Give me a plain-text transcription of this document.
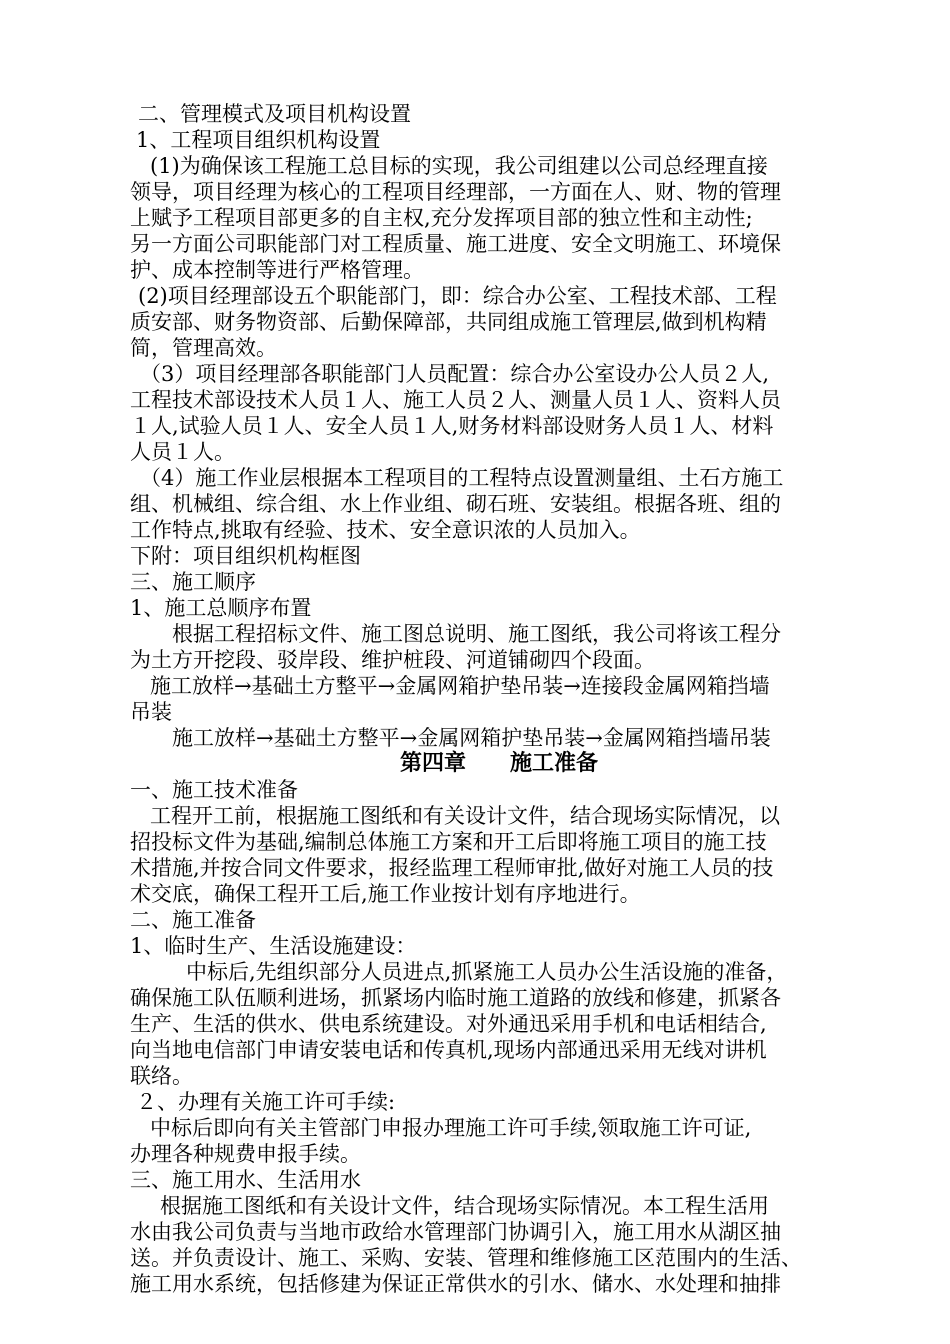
二、管理模式及项目机构设置
1、工程项目组织机构设置
(1)为确保该工程施工总目标的实现，我公司组建以公司总经理直接
领导，项目经理为核心的工程项目经理部，一方面在人、财、物的管理
上赋予工程项目部更多的自主权,充分发挥项目部的独立性和主动性;
另一方面公司职能部门对工程质量、施工进度、安全文明施工、环境保
护、成本控制等进行严格管理。
(2)项目经理部设五个职能部门，即：综合办公室、工程技术部、工程
质安部、财务物资部、后勤保障部，共同组成施工管理层,做到机构精
简，管理高效。
（3）项目经理部各职能部门人员配置：综合办公室设办公人员２人,
工程技术部设技术人员１人、施工人员２人、测量人员１人、资料人员
１人,试验人员１人、安全人员１人,财务材料部设财务人员１人、材料
人员１人。
（4）施工作业层根据本工程项目的工程特点设置测量组、土石方施工
组、机械组、综合组、水上作业组、砌石班、安装组。根据各班、组的
工作特点,挑取有经验、技术、安全意识浓的人员加入。
下附：项目组织机构框图
三、施工顺序
1、施工总顺序布置
根据工程招标文件、施工图总说明、施工图纸，我公司将该工程分
为土方开挖段、驳岸段、维护桩段、河道铺砌四个段面。
施工放样→基础土方整平→金属网箱护垫吊装→连接段金属网箱挡墙
吊装
施工放样→基础土方整平→金属网箱护垫吊装→金属网箱挡墙吊装
第四章　　施工准备
一、施工技术准备
工程开工前，根据施工图纸和有关设计文件，结合现场实际情况，以
招投标文件为基础,编制总体施工方案和开工后即将施工项目的施工技
术措施,并按合同文件要求，报经监理工程师审批,做好对施工人员的技
术交底，确保工程开工后,施工作业按计划有序地进行。
二、施工准备
1、临时生产、生活设施建设：
中标后,先组织部分人员进点,抓紧施工人员办公生活设施的准备，
确保施工队伍顺利进场，抓紧场内临时施工道路的放线和修建，抓紧各
生产、生活的供水、供电系统建设。对外通迅采用手机和电话相结合,
向当地电信部门申请安装电话和传真机,现场内部通迅采用无线对讲机
联络。
２、办理有关施工许可手续:
中标后即向有关主管部门申报办理施工许可手续,领取施工许可证,
办理各种规费申报手续。
三、施工用水、生活用水
根据施工图纸和有关设计文件，结合现场实际情况。本工程生活用
水由我公司负责与当地市政给水管理部门协调引入，施工用水从湖区抽
送。并负责设计、施工、采购、安装、管理和维修施工区范围内的生活、
施工用水系统，包括修建为保证正常供水的引水、储水、水处理和抽排
